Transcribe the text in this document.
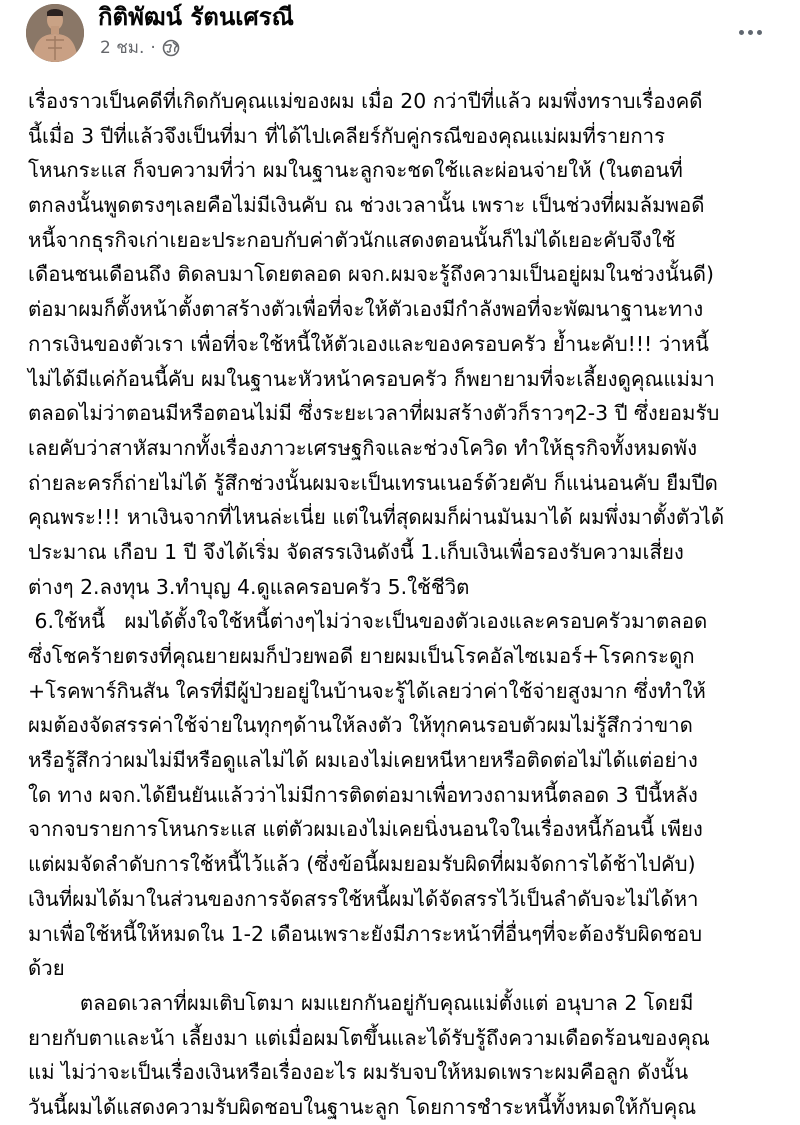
กิติพัฒน์ รัตนเศรณี
2 ชม. ·
เรื่องราวเป็นคดีที่เกิดกับคุณแม่ของผม เมื่อ 20 กว่าปีที่แล้ว ผมพึ่งทราบเรื่องคดี
นี้เมื่อ 3 ปีที่แล้วจึงเป็นที่มา ที่ได้ไปเคลียร์กับคู่กรณีของคุณแม่ผมที่รายการ
โหนกระแส ก็จบความที่ว่า ผมในฐานะลูกจะชดใช้และผ่อนจ่ายให้ (ในตอนที่
ตกลงนั้นพูดตรงๆเลยคือไม่มีเงินคับ ณ ช่วงเวลานั้น เพราะ เป็นช่วงที่ผมล้มพอดี
หนี้จากธุรกิจเก่าเยอะประกอบกับค่าตัวนักแสดงตอนนั้นก็ไม่ได้เยอะคับจึงใช้
เดือนชนเดือนถึง ติดลบมาโดยตลอด ผจก.ผมจะรู้ถึงความเป็นอยู่ผมในช่วงนั้นดี)
ต่อมาผมก็ตั้งหน้าตั้งตาสร้างตัวเพื่อที่จะให้ตัวเองมีกำลังพอที่จะพัฒนาฐานะทาง
การเงินของตัวเรา เพื่อที่จะใช้หนี้ให้ตัวเองและของครอบครัว ย้ำนะคับ!!! ว่าหนี้
ไม่ได้มีแค่ก้อนนี้คับ ผมในฐานะหัวหน้าครอบครัว ก็พยายามที่จะเลี้ยงดูคุณแม่มา
ตลอดไม่ว่าตอนมีหรือตอนไม่มี ซึ่งระยะเวลาที่ผมสร้างตัวก็ราวๆ2-3 ปี ซึ่งยอมรับ
เลยคับว่าสาหัสมากทั้งเรื่องภาวะเศรษฐกิจและช่วงโควิด ทำให้ธุรกิจทั้งหมดพัง
ถ่ายละครก็ถ่ายไม่ได้ รู้สึกช่วงนั้นผมจะเป็นเทรนเนอร์ด้วยคับ ก็แน่นอนคับ ยืมปีด
คุณพระ!!! หาเงินจากที่ไหนล่ะเนี่ย แต่ในที่สุดผมก็ผ่านมันมาได้ ผมพึ่งมาตั้งตัวได้
ประมาณ เกือบ 1 ปี จึงได้เริ่ม จัดสรรเงินดังนี้ 1.เก็บเงินเพื่อรองรับความเสี่ยง
ต่างๆ 2.ลงทุน 3.ทำบุญ 4.ดูแลครอบครัว 5.ใช้ชีวิต
6.ใช้หนี้   ผมได้ตั้งใจใช้หนี้ต่างๆไม่ว่าจะเป็นของตัวเองและครอบครัวมาตลอด
ซึ่งโชคร้ายตรงที่คุณยายผมก็ป่วยพอดี ยายผมเป็นโรคอัลไซเมอร์+โรคกระดูก
+โรคพาร์กินสัน ใครที่มีผู้ป่วยอยู่ในบ้านจะรู้ได้เลยว่าค่าใช้จ่ายสูงมาก ซึ่งทำให้
ผมต้องจัดสรรค่าใช้จ่ายในทุกๆด้านให้ลงตัว ให้ทุกคนรอบตัวผมไม่รู้สึกว่าขาด
หรือรู้สึกว่าผมไม่มีหรือดูแลไม่ได้ ผมเองไม่เคยหนีหายหรือติดต่อไม่ได้แต่อย่าง
ใด ทาง ผจก.ได้ยืนยันแล้วว่าไม่มีการติดต่อมาเพื่อทวงถามหนี้ตลอด 3 ปีนี้หลัง
จากจบรายการโหนกระแส แต่ตัวผมเองไม่เคยนิ่งนอนใจในเรื่องหนี้ก้อนนี้ เพียง
แต่ผมจัดลำดับการใช้หนี้ไว้แล้ว (ซึ่งข้อนี้ผมยอมรับผิดที่ผมจัดการได้ช้าไปคับ)
เงินที่ผมได้มาในส่วนของการจัดสรรใช้หนี้ผมได้จัดสรรไว้เป็นลำดับจะไม่ได้หา
มาเพื่อใช้หนี้ให้หมดใน 1-2 เดือนเพราะยังมีภาระหน้าที่อื่นๆที่จะต้องรับผิดชอบ
ด้วย
ตลอดเวลาที่ผมเติบโตมา ผมแยกกันอยู่กับคุณแม่ตั้งแต่ อนุบาล 2 โดยมี
ยายกับตาและน้า เลี้ยงมา แต่เมื่อผมโตขึ้นและได้รับรู้ถึงความเดือดร้อนของคุณ
แม่ ไม่ว่าจะเป็นเรื่องเงินหรือเรื่องอะไร ผมรับจบให้หมดเพราะผมคือลูก ดังนั้น
วันนี้ผมได้แสดงความรับผิดชอบในฐานะลูก โดยการชำระหนี้ทั้งหมดให้กับคุณ
